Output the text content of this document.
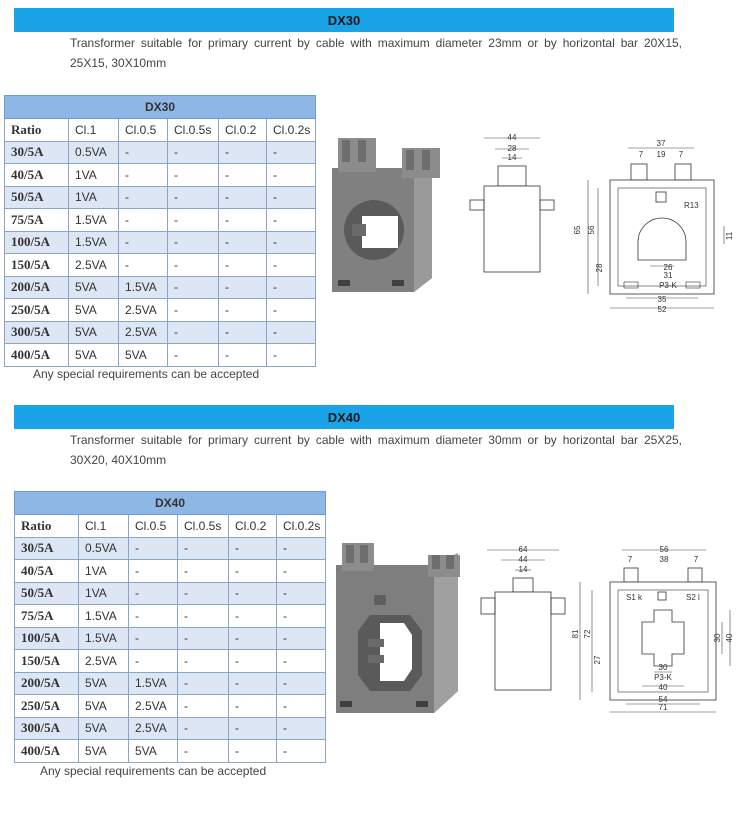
DX30
Transformer suitable for primary current by cable with maximum diameter 23mm or by horizontal bar 20X15, 25X15, 30X10mm
DX30					
Ratio	Cl.1	Cl.0.5	Cl.0.5s	Cl.0.2	Cl.0.2s
30/5A	0.5VA	-	-	-	-
40/5A	1VA	-	-	-	-
50/5A	1VA	-	-	-	-
75/5A	1.5VA	-	-	-	-
100/5A	1.5VA	-	-	-	-
150/5A	2.5VA	-	-	-	-
200/5A	5VA	1.5VA	-	-	-
250/5A	5VA	2.5VA	-	-	-
300/5A	5VA	2.5VA	-	-	-
400/5A	5VA	5VA	-	-	-
Any special requirements can be accepted
44
28
14
37
7 19 7
R13
26
31
P3-K
65 56
28
11
35
52
DX40
Transformer suitable for primary current by cable with maximum diameter 30mm or by horizontal bar 25X25, 30X20, 40X10mm
DX40					
Ratio	Cl.1	Cl.0.5	Cl.0.5s	Cl.0.2	Cl.0.2s
30/5A	0.5VA	-	-	-	-
40/5A	1VA	-	-	-	-
50/5A	1VA	-	-	-	-
75/5A	1.5VA	-	-	-	-
100/5A	1.5VA	-	-	-	-
150/5A	2.5VA	-	-	-	-
200/5A	5VA	1.5VA	-	-	-
250/5A	5VA	2.5VA	-	-	-
300/5A	5VA	2.5VA	-	-	-
400/5A	5VA	5VA	-	-	-
Any special requirements can be accepted
64
44
14
56
7	38	7
S1 k	S2 l
30
P3-K
81 72
27
30 40
40
54
71
